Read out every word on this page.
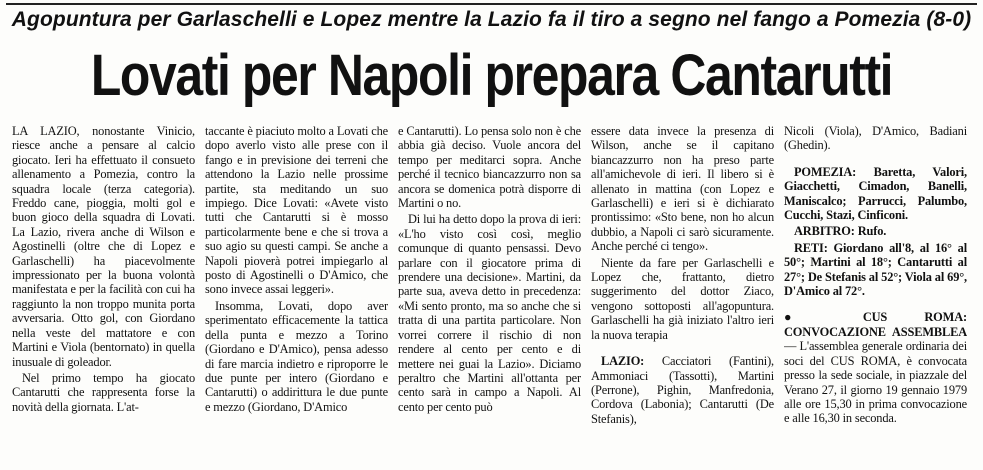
Agopuntura per Garlaschelli e Lopez mentre la Lazio fa il tiro a segno nel fango a Pomezia (8-0)
Lovati per Napoli prepara Cantarutti

LA LAZIO, nonostante Vinicio, riesce anche a pensare al calcio giocato. Ieri ha effettuato il consueto allenamento a Pomezia, contro la squadra locale (terza categoria). Freddo cane, pioggia, molti gol e buon gioco della squadra di Lovati. La Lazio, rivera anche di Wilson e Agostinelli (oltre che di Lopez e Garlaschelli) ha piacevolmente impressionato per la buona volontà manifestata e per la facilità con cui ha raggiunto la non troppo munita porta avversaria. Otto gol, con Giordano nella veste del mattatore e con Martini e Viola (bentornato) in quella inusuale di goleador.

Nel primo tempo ha giocato Cantarutti che rappresenta forse la novità della giornata. L'at-

taccante è piaciuto molto a Lovati che dopo averlo visto alle prese con il fango e in previsione dei terreni che attendono la Lazio nelle prossime partite, sta meditando un suo impiego. Dice Lovati: «Avete visto tutti che Cantarutti si è mosso particolarmente bene e che si trova a suo agio su questi campi. Se anche a Napoli pioverà potrei impiegarlo al posto di Agostinelli o D'Amico, che sono invece assai leggeri».

Insomma, Lovati, dopo aver sperimentato efficacemente la tattica della punta e mezzo a Torino (Giordano e D'Amico), pensa adesso di fare marcia indietro e riproporre le due punte per intero (Giordano e Cantarutti) o addirittura le due punte e mezzo (Giordano, D'Amico

e Cantarutti). Lo pensa solo non è che abbia già deciso. Vuole ancora del tempo per meditarci sopra. Anche perché il tecnico biancazzurro non sa ancora se domenica potrà disporre di Martini o no.

Di lui ha detto dopo la prova di ieri: «L'ho visto così così, meglio comunque di quanto pensassi. Devo parlare con il giocatore prima di prendere una decisione». Martini, da parte sua, aveva detto in precedenza: «Mi sento pronto, ma so anche che si tratta di una partita particolare. Non vorrei correre il rischio di non rendere al cento per cento e di mettere nei guai la Lazio». Diciamo peraltro che Martini all'ottanta per cento sarà in campo a Napoli. Al cento per cento può

essere data invece la presenza di Wilson, anche se il capitano biancazzurro non ha preso parte all'amichevole di ieri. Il libero si è allenato in mattina (con Lopez e Garlaschelli) e ieri si è dichiarato prontissimo: «Sto bene, non ho alcun dubbio, a Napoli ci sarò sicuramente. Anche perché ci tengo».

Niente da fare per Garlaschelli e Lopez che, frattanto, dietro suggerimento del dottor Ziaco, vengono sottoposti all'agopuntura. Garlaschelli ha già iniziato l'altro ieri la nuova terapia

LAZIO: Cacciatori (Fantini), Ammoniaci (Tassotti), Martini (Perrone), Pighin, Manfredonia, Cordova (Labonia); Cantarutti (De Stefanis),

Nicoli (Viola), D'Amico, Badiani (Ghedin).

POMEZIA: Baretta, Valori, Giacchetti, Cimadon, Banelli, Maniscalco; Parrucci, Palumbo, Cucchi, Stazi, Cinficoni.

ARBITRO: Rufo.

RETI: Giordano all'8, al 16° al 50°; Martini al 18°; Cantarutti al 27°; De Stefanis al 52°; Viola al 69°, D'Amico al 72°.

●	CUS ROMA: CONVOCAZIONE ASSEMBLEA — L'assemblea generale ordinaria dei soci del CUS ROMA, è convocata presso la sede sociale, in piazzale del Verano 27, il giorno 19 gennaio 1979 alle ore 15,30 in prima convocazione e alle 16,30 in seconda.
